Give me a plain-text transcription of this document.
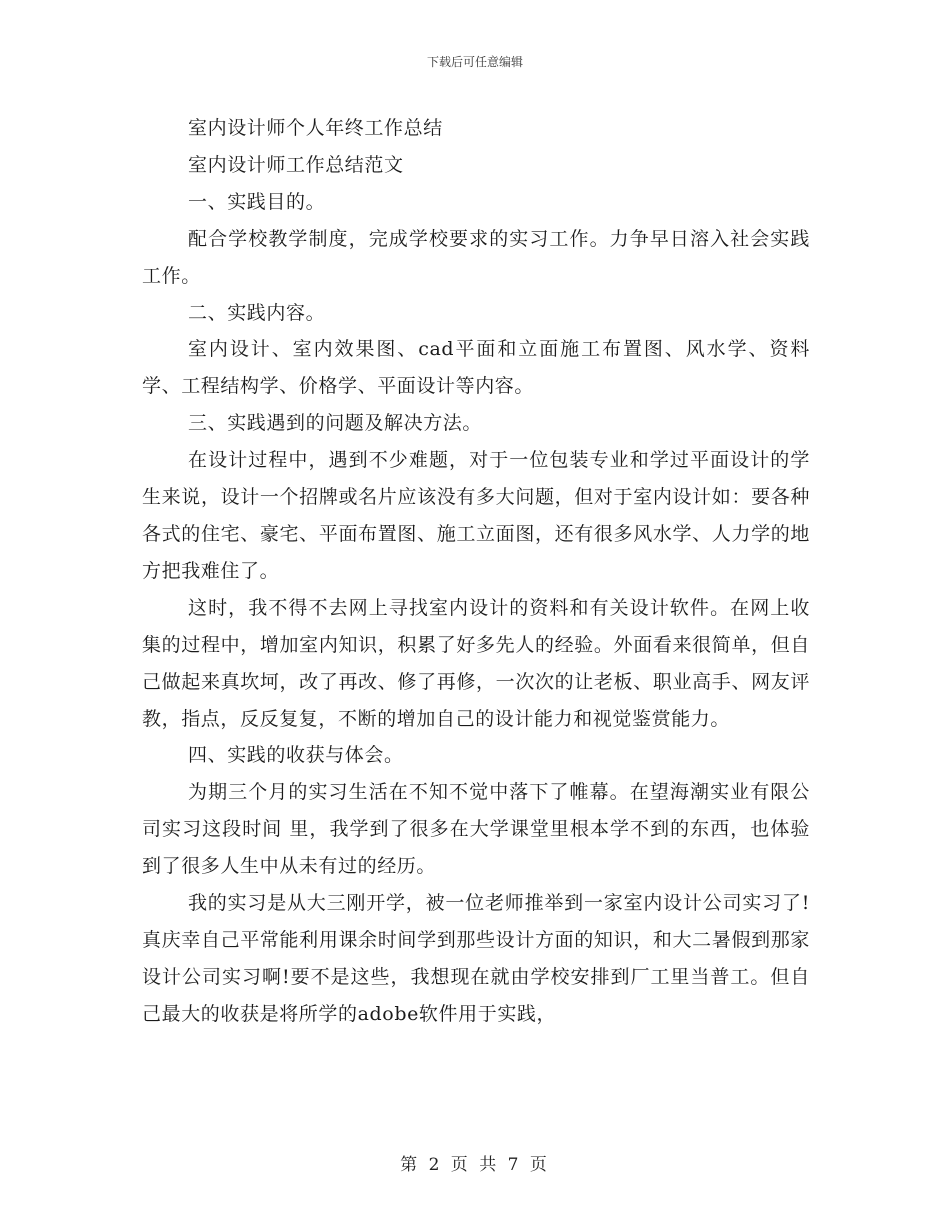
下载后可任意编辑

室内设计师个人年终工作总结

室内设计师工作总结范文

一、实践目的。

配合学校教学制度，完成学校要求的实习工作。力争早日溶入社会实践工作。

二、实践内容。

室内设计、室内效果图、cad平面和立面施工布置图、风水学、资料学、工程结构学、价格学、平面设计等内容。

三、实践遇到的问题及解决方法。

在设计过程中，遇到不少难题，对于一位包装专业和学过平面设计的学生来说，设计一个招牌或名片应该没有多大问题，但对于室内设计如：要各种各式的住宅、豪宅、平面布置图、施工立面图，还有很多风水学、人力学的地方把我难住了。

这时，我不得不去网上寻找室内设计的资料和有关设计软件。在网上收集的过程中，增加室内知识，积累了好多先人的经验。外面看来很简单，但自己做起来真坎坷，改了再改、修了再修，一次次的让老板、职业高手、网友评教，指点，反反复复，不断的增加自己的设计能力和视觉鉴赏能力。

四、实践的收获与体会。

为期三个月的实习生活在不知不觉中落下了帷幕。在望海潮实业有限公司实习这段时间 里，我学到了很多在大学课堂里根本学不到的东西，也体验到了很多人生中从未有过的经历。

我的实习是从大三刚开学，被一位老师推举到一家室内设计公司实习了!真庆幸自己平常能利用课余时间学到那些设计方面的知识，和大二暑假到那家设计公司实习啊!要不是这些，我想现在就由学校安排到厂工里当普工。但自己最大的收获是将所学的adobe软件用于实践，

第 2 页 共 7 页
